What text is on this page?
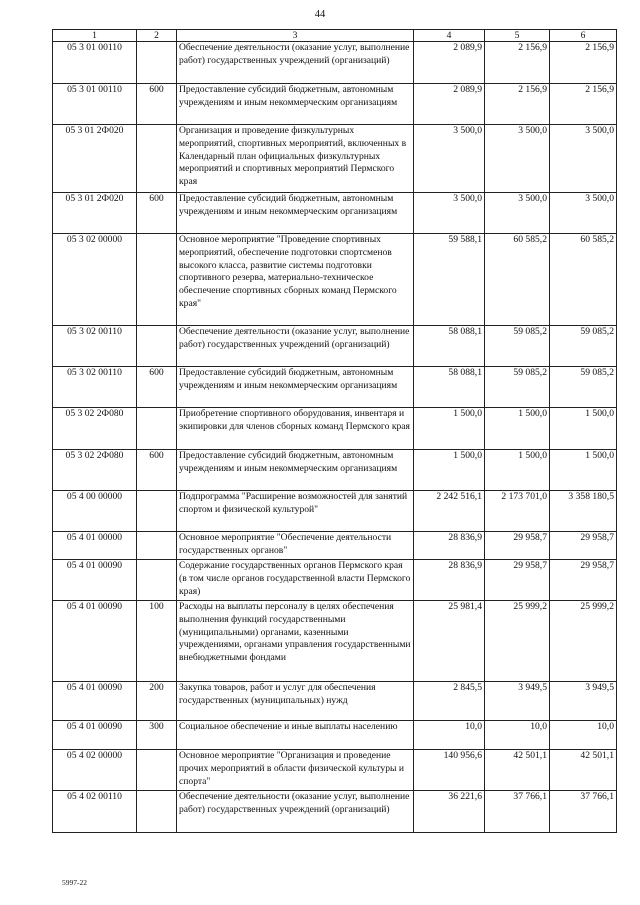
44
1	2	3	4	5	6
05 3 01 00110		Обеспечение деятельности (оказание услуг, выполнение работ) государственных учреждений (организаций)	2 089,9	2 156,9	2 156,9
05 3 01 00110	600	Предоставление субсидий бюджетным, автономным учреждениям и иным некоммерческим организациям	2 089,9	2 156,9	2 156,9
05 3 01 2Ф020		Организация и проведение физкультурных мероприятий, спортивных мероприятий, включенных в Календарный план официальных физкультурных мероприятий и спортивных мероприятий Пермского края	3 500,0	3 500,0	3 500,0
05 3 01 2Ф020	600	Предоставление субсидий бюджетным, автономным учреждениям и иным некоммерческим организациям	3 500,0	3 500,0	3 500,0
05 3 02 00000		Основное мероприятие "Проведение спортивных мероприятий, обеспечение подготовки спортсменов высокого класса, развитие системы подготовки спортивного резерва, материально-техническое обеспечение спортивных сборных команд Пермского края"	59 588,1	60 585,2	60 585,2
05 3 02 00110		Обеспечение деятельности (оказание услуг, выполнение работ) государственных учреждений (организаций)	58 088,1	59 085,2	59 085,2
05 3 02 00110	600	Предоставление субсидий бюджетным, автономным учреждениям и иным некоммерческим организациям	58 088,1	59 085,2	59 085,2
05 3 02 2Ф080		Приобретение спортивного оборудования, инвентаря и экипировки для членов сборных команд Пермского края	1 500,0	1 500,0	1 500,0
05 3 02 2Ф080	600	Предоставление субсидий бюджетным, автономным учреждениям и иным некоммерческим организациям	1 500,0	1 500,0	1 500,0
05 4 00 00000		Подпрограмма "Расширение возможностей для занятий спортом и физической культурой"	2 242 516,1	2 173 701,0	3 358 180,5
05 4 01 00000		Основное мероприятие "Обеспечение деятельности государственных органов"	28 836,9	29 958,7	29 958,7
05 4 01 00090		Содержание государственных органов Пермского края (в том числе органов государственной власти Пермского края)	28 836,9	29 958,7	29 958,7
05 4 01 00090	100	Расходы на выплаты персоналу в целях обеспечения выполнения функций государственными (муниципальными) органами, казенными учреждениями, органами управления государственными внебюджетными фондами	25 981,4	25 999,2	25 999,2
05 4 01 00090	200	Закупка товаров, работ и услуг для обеспечения государственных (муниципальных) нужд	2 845,5	3 949,5	3 949,5
05 4 01 00090	300	Социальное обеспечение и иные выплаты населению	10,0	10,0	10,0
05 4 02 00000		Основное мероприятие "Организация и проведение прочих мероприятий в области физической культуры и спорта"	140 956,6	42 501,1	42 501,1
05 4 02 00110		Обеспечение деятельности (оказание услуг, выполнение работ) государственных учреждений (организаций)	36 221,6	37 766,1	37 766,1
5997-22
